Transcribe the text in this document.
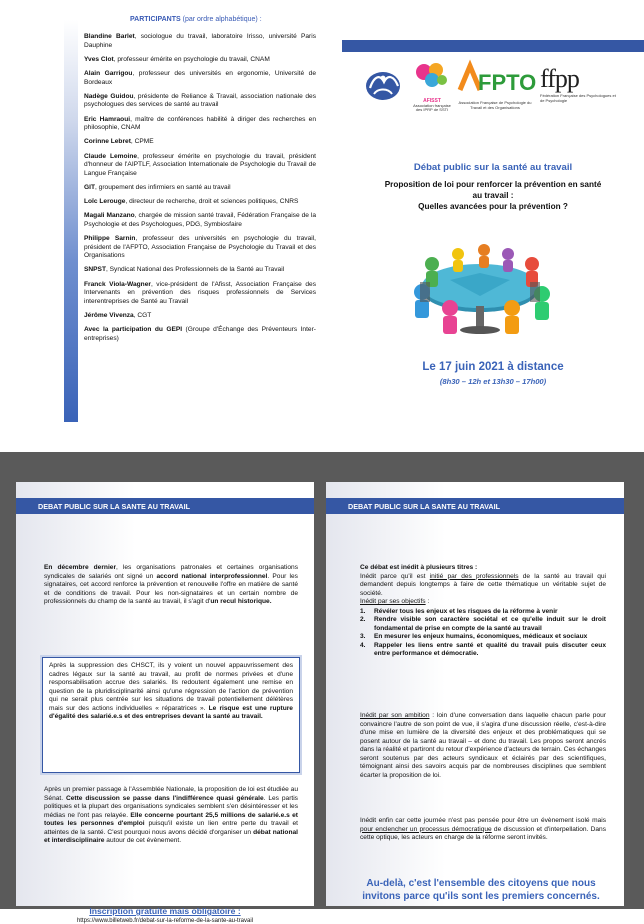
PARTICIPANTS (par ordre alphabétique) :
Blandine Barlet, sociologue du travail, laboratoire Irisso, université Paris Dauphine
Yves Clot, professeur émérite en psychologie du travail, CNAM
Alain Garrigou, professeur des universités en ergonomie, Université de Bordeaux
Nadège Guidou, présidente de Reliance & Travail, association nationale des psychologues des services de santé au travail
Eric Hamraoui, maître de conférences habilité à diriger des recherches en philosophie, CNAM
Corinne Lebret, CPME
Claude Lemoine, professeur émérite en psychologie du travail, président d'honneur de l'AIPTLF, Association Internationale de Psychologie du Travail de Langue Française
GIT, groupement des infirmiers en santé au travail
Loïc Lerouge, directeur de recherche, droit et sciences politiques, CNRS
Magali Manzano, chargée de mission santé travail, Fédération Française de la Psychologie et des Psychologues, PDG, Symbiosfaire
Philippe Sarnin, professeur des universités en psychologie du travail, président de l'AFPTO, Association Française de Psychologie du Travail et des Organisations
SNPST, Syndicat National des Professionnels de la Santé au Travail
Franck Viola-Wagner, vice-président de l'Afisst, Association Française des Intervenants en prévention des risques professionnels de Services interentreprises de Santé au Travail
Jérôme Vivenza, CGT
Avec la participation du GEPI (Groupe d'Échange des Préventeurs Inter-entreprises)
AFISST
Association française des IPRP de SSTI
FPTO
Association Française de Psychologie du Travail et des Organisations
ffpp
Fédération Française des Psychologues et de Psychologie
Débat public sur la santé au travail
Proposition de loi pour renforcer la prévention en santé
au travail :
Quelles avancées pour la prévention ?
Le 17 juin 2021 à distance
(8h30 – 12h et 13h30 – 17h00)
DEBAT PUBLIC SUR LA SANTE AU TRAVAIL
En décembre dernier, les organisations patronales et certaines organisations syndicales de salariés ont signé un accord national interprofessionnel. Pour les signataires, cet accord renforce la prévention et renouvelle l'offre en matière de santé et de conditions de travail. Pour les non-signataires et un certain nombre de professionnels du champ de la santé au travail, il s'agit d'un recul historique.
Après la suppression des CHSCT, ils y voient un nouvel appauvrissement des cadres légaux sur la santé au travail, au profit de normes privées et d'une responsabilisation accrue des salariés. Ils redoutent également une remise en question de la pluridisciplinarité ainsi qu'une régression de l'action de prévention qui ne serait plus centrée sur les situations de travail potentiellement délétères mais sur des actions individuelles « réparatrices ». Le risque est une rupture d'égalité des salarié.e.s et des entreprises devant la santé au travail.
Après un premier passage à l'Assemblée Nationale, la proposition de loi est étudiée au Sénat. Cette discussion se passe dans l'indifférence quasi générale. Les partis politiques et la plupart des organisations syndicales semblent s'en désintéresser et les médias ne l'ont pas relayée. Elle concerne pourtant 25,5 millions de salarié.e.s et toutes les personnes d'emploi puisqu'il existe un lien entre perte du travail et atteintes de la santé. C'est pourquoi nous avons décidé d'organiser un débat national et interdisciplinaire autour de cet évènement.
Inscription gratuite mais obligatoire :
https://www.billetweb.fr/debat-sur-la-reforme-de-la-sante-au-travail
DEBAT PUBLIC SUR LA SANTE AU TRAVAIL
Ce débat est inédit à plusieurs titres :
Inédit parce qu'il est initié par des professionnels de la santé au travail qui demandent depuis longtemps à faire de cette thématique un véritable sujet de société.
Inédit par ses objectifs :
1. Révéler tous les enjeux et les risques de la réforme à venir
2. Rendre visible son caractère sociétal et ce qu'elle induit sur le droit fondamental de prise en compte de la santé au travail
3. En mesurer les enjeux humains, économiques, médicaux et sociaux
4. Rappeler les liens entre santé et qualité du travail puis discuter ceux entre performance et démocratie.
Inédit par son ambition : loin d'une conversation dans laquelle chacun parle pour convaincre l'autre de son point de vue, il s'agira d'une discussion réelle, c'est-à-dire d'une mise en lumière de la diversité des enjeux et des problématiques qui se posent autour de la santé au travail – et donc du travail. Les propos seront ancrés dans la réalité et partiront du retour d'expérience d'acteurs de terrain. Ces échanges seront soutenus par des acteurs syndicaux et éclairés par des scientifiques, témoignant ainsi des savoirs acquis par de nombreuses disciplines que semblent écarter la proposition de loi.
Inédit enfin car cette journée n'est pas pensée pour être un évènement isolé mais pour enclencher un processus démocratique de discussion et d'interpellation. Dans cette optique, les acteurs en charge de la réforme seront invités.
Au-delà, c'est l'ensemble des citoyens que nous invitons parce qu'ils sont les premiers concernés.
